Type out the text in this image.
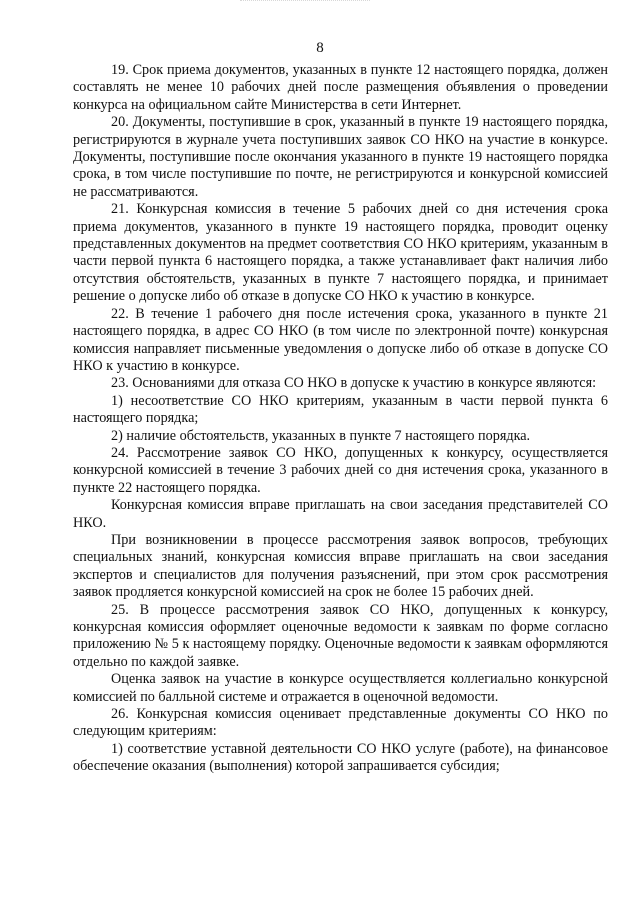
8

19. Срок приема документов, указанных в пункте 12 настоящего порядка, должен составлять не менее 10 рабочих дней после размещения объявления о проведении конкурса на официальном сайте Министерства в сети Интернет.

20. Документы, поступившие в срок, указанный в пункте 19 настоящего порядка, регистрируются в журнале учета поступивших заявок СО НКО на участие в конкурсе. Документы, поступившие после окончания указанного в пункте 19 настоящего порядка срока, в том числе поступившие по почте, не регистрируются и конкурсной комиссией не рассматриваются.

21. Конкурсная комиссия в течение 5 рабочих дней со дня истечения срока приема документов, указанного в пункте 19 настоящего порядка, проводит оценку представленных документов на предмет соответствия СО НКО критериям, указанным в части первой пункта 6 настоящего порядка, а также устанавливает факт наличия либо отсутствия обстоятельств, указанных в пункте 7 настоящего порядка, и принимает решение о допуске либо об отказе в допуске СО НКО к участию в конкурсе.

22. В течение 1 рабочего дня после истечения срока, указанного в пункте 21 настоящего порядка, в адрес СО НКО (в том числе по электронной почте) конкурсная комиссия направляет письменные уведомления о допуске либо об отказе в допуске СО НКО к участию в конкурсе.

23. Основаниями для отказа СО НКО в допуске к участию в конкурсе являются:

1) несоответствие СО НКО критериям, указанным в части первой пункта 6 настоящего порядка;

2) наличие обстоятельств, указанных в пункте 7 настоящего порядка.

24. Рассмотрение заявок СО НКО, допущенных к конкурсу, осуществляется конкурсной комиссией в течение 3 рабочих дней со дня истечения срока, указанного в пункте 22 настоящего порядка.

Конкурсная комиссия вправе приглашать на свои заседания представителей СО НКО.

При возникновении в процессе рассмотрения заявок вопросов, требующих специальных знаний, конкурсная комиссия вправе приглашать на свои заседания экспертов и специалистов для получения разъяснений, при этом срок рассмотрения заявок продляется конкурсной комиссией на срок не более 15 рабочих дней.

25. В процессе рассмотрения заявок СО НКО, допущенных к конкурсу, конкурсная комиссия оформляет оценочные ведомости к заявкам по форме согласно приложению № 5 к настоящему порядку. Оценочные ведомости к заявкам оформляются отдельно по каждой заявке.

Оценка заявок на участие в конкурсе осуществляется коллегиально конкурсной комиссией по балльной системе и отражается в оценочной ведомости.

26. Конкурсная комиссия оценивает представленные документы СО НКО по следующим критериям:

1) соответствие уставной деятельности СО НКО услуге (работе), на финансовое обеспечение оказания (выполнения) которой запрашивается субсидия;
